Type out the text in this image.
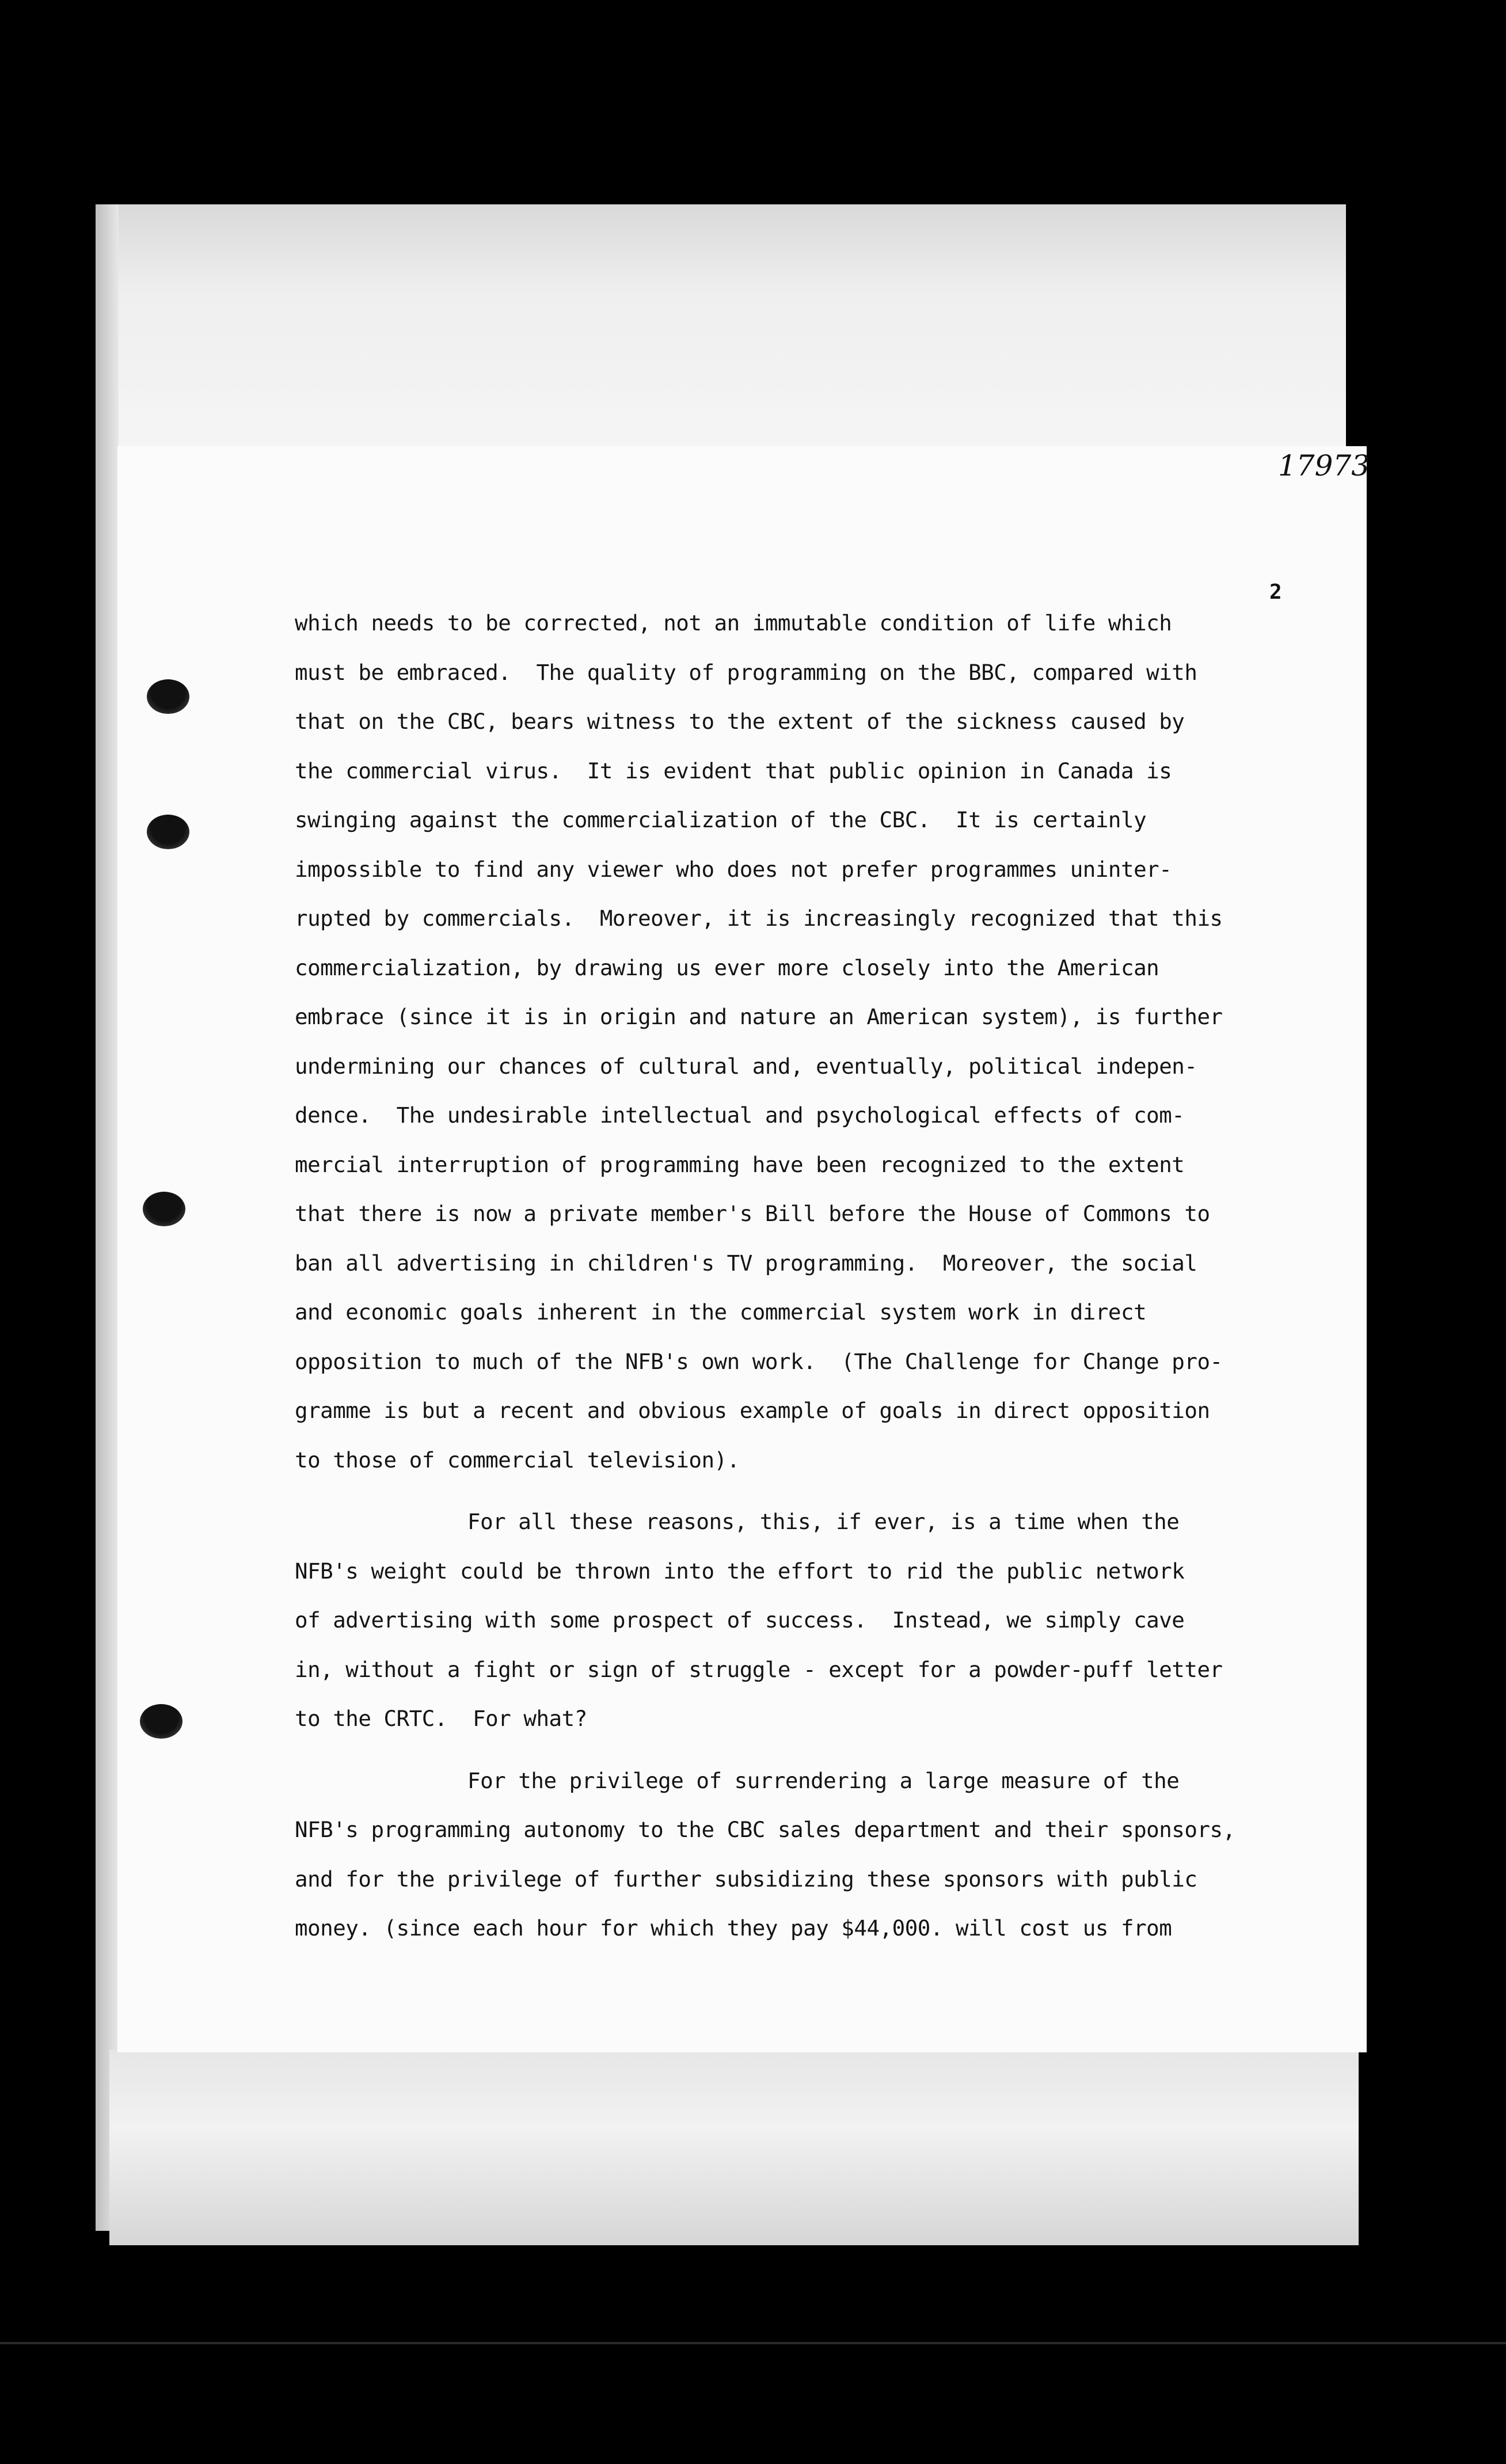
17973
2
which needs to be corrected, not an immutable condition of life which
must be embraced.  The quality of programming on the BBC, compared with
that on the CBC, bears witness to the extent of the sickness caused by
the commercial virus.  It is evident that public opinion in Canada is
swinging against the commercialization of the CBC.  It is certainly
impossible to find any viewer who does not prefer programmes uninter-
rupted by commercials.  Moreover, it is increasingly recognized that this
commercialization, by drawing us ever more closely into the American
embrace (since it is in origin and nature an American system), is further
undermining our chances of cultural and, eventually, political indepen-
dence.  The undesirable intellectual and psychological effects of com-
mercial interruption of programming have been recognized to the extent
that there is now a private member's Bill before the House of Commons to
ban all advertising in children's TV programming.  Moreover, the social
and economic goals inherent in the commercial system work in direct
opposition to much of the NFB's own work.  (The Challenge for Change pro-
gramme is but a recent and obvious example of goals in direct opposition
to those of commercial television).
For all these reasons, this, if ever, is a time when the
NFB's weight could be thrown into the effort to rid the public network
of advertising with some prospect of success.  Instead, we simply cave
in, without a fight or sign of struggle - except for a powder-puff letter
to the CRTC.  For what?
For the privilege of surrendering a large measure of the
NFB's programming autonomy to the CBC sales department and their sponsors,
and for the privilege of further subsidizing these sponsors with public
money. (since each hour for which they pay $44,000. will cost us from
